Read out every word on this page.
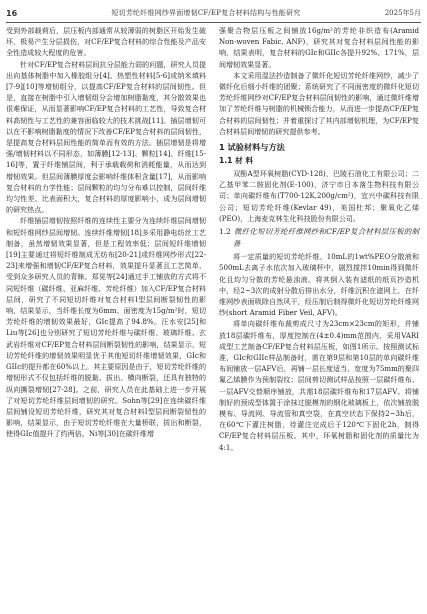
16	短切芳纶纤维网纱界面增韧CF/EP复合材料结构与性能研究	2025年5月

受到外部载荷后，层压板内部通常从较薄弱的树脂区开始发生破坏，极易产生分层损伤，对CF/EP复合材料的综合性能及产品安全性造成较大程度的危害。

针对CF/EP复合材料层间抗分层能力弱的问题，研究人员提出向基体树脂中加入橡胶组分[4]、热塑性材料[5-6]或纳米填料[7-9][10]等增韧组分，以提高CF/EP复合材料的层间韧性。但是，直接在树脂中引入增韧组分会增加树脂黏度，其分散效果也很难保证，从而显著影响CF/EP复合材料的工艺性，导致复合材料高韧性与工艺性的兼容面临较大的技术挑战[11]。插层增韧可以在不影响树脂黏度的情况下改善CF/EP复合材料的层间韧性，是提高复合材料层间性能的简单而有效的方法。插层增韧是将增强/增韧材料以不同形态，如薄膜[12-13]、颗粒[14]、纤维[15-16]等，置于纤维铺层间，利于承载载荷和消耗能量，从而达到增韧效果。但层间薄膜厚度会影响纤维体积含量[17]，从而影响复合材料的力学性能；层间颗粒的均匀分布难以控制，层间纤维均匀性差、比表面积大，复合材料的厚度影响小，成为层间增韧的研究热点。

纤维插层增韧按照纤维的连续性主要分为连续纤维层间增韧和短纤维网纱层间增韧。连续纤维增韧[18]多采用静电纺丝工艺制备，虽然增韧效果显著，但是工程效率低；层间短纤维增韧[19]主要通过将短纤维制成无纺布[20-21]或纤维网纱形式[22-23]来增强和增韧CF/EP复合材料，效果提升显著且工艺简单，受到众多研究人员的青睐。郑晃等[24]通过手工铺放的方式将不同短纤维（碳纤维、亚麻纤维、芳纶纤维）加入CF/EP复合材料层间，研究了不同短切纤维对复合材料I型层间断裂韧性的影响，结果显示，当纤维长度为6mm、面密度为15g/m²时，短切芳纶纤维的增韧效果最好，GIc提高了94.8%。汪水安[25]和Liu等[26]也分别研究了短切芳纶纤维与碳纤维、玻璃纤维、玄武岩纤维对CF/EP复合材料层间断裂韧性的影响，结果显示，短切芳纶纤维的增韧效果明显优于其他短切纤维增韧效果，GIc和GIIc的提升都在60%以上。其主要原因是由于，短切芳纶纤维的增韧形式不仅包括纤维的脱黏、拔出、横向断裂，还具有独特的纵向撕裂增韧[27-28]。之前，研究人员在此基础上进一步开展了对短切芳纶纤维层间增韧的研究。Sohn等[29]在连续碳纤维层间铺设短切芳纶纤维，研究其对复合材料I型层间断裂韧性的影响，结果显示，由于短切芳纶纤维在大量桥联，拔出和断裂，使得GIc值提升了约两倍。Ni等[30]在碳纤维增

强聚合物层压板之间铺放16g/m²的芳纶非织造布(Aramid Non-woven Fabic, ANF)，研究其对复合材料层间性能的影响，结果表明，复合材料的GIc和GIIc各提升92%、171%，层间增韧效果显著。

本文采用湿法抄造制备了微纤化短切芳纶纤维网纱，减少了微纤化后细小纤维的团聚；系统研究了不同面密度的微纤化短切芳纶纤维网纱对CF/EP复合材料层间韧性的影响，通过微纤维增加了芳纶纤维与树脂的机械锁合能力，从而进一步提高CF/EP复合材料的层间韧性；并着重探讨了其内部增韧机理，为CF/EP复合材料层间增韧的研究提供参考。

1 试验材料与方法
1.1 材 料

双酚A型环氧树脂(CYD-128)，巴陵石油化工有限公司；二乙基甲苯二胺固化剂(E-100)，济宁市日本落生物科技有限公司；单向碳纤维布(T700-12K,200g/cm²)，宜兴中碳科技有限公司；短切芳纶纤维(Kevlar 49)，美国杜邦；聚氧化乙烯(PEO)，上海麦克林生化科技股份有限公司。

1.2 微纤化短切芳纶纤维网纱和CF/EP复合材料层压板的制备

将一定质量的短切芳纶纤维、10mL的1wt%PEO分散液和500mL去离子水依次加入玻璃杯中，剧烈搅拌10min得到微纤化且均匀分散的芳纶悬浊液。将其倒入装有滤纸的纸页抄造机中，经2~3次的成射分散后排出水分，纤维沉积在滤网上，在纤维网纱表面吸除自然风干，经压制后制得微纤化短切芳纶纤维网纱(short Aramid Fiber Veil, AFV)。

将单向碳纤维布裁剪成尺寸为23cm×23cm的矩形，并铺放18层碳纤维布，厚度控制在(4±0.4)mm范围内，采用VARI成型工艺制备CF/EP复合材料层压板，如图1所示。按照测试标准，GIc和GIIc样品制备时，需在第9层和第10层的单向碳纤维布间铺放一层AFV后，再铺一层长度适当、宽度为75mm的聚四氟乙烯膜作为预制裂纹；层间剪切测试样品按照一层碳纤维布、一层AFV交替顺序铺放，共需18层碳纤维布和17层AFV。将铺制好的预成型体置于涂抹过脱模剂的钢化玻璃板上，依次铺放脱模布、导流网、导流管和真空袋，在真空状态下保持2~3h后，在60℃下灌注树脂，待灌注完成后于120℃下固化2h，制得CF/EP复合材料层压板。其中，环氧树脂和固化剂的质量比为4:1。
